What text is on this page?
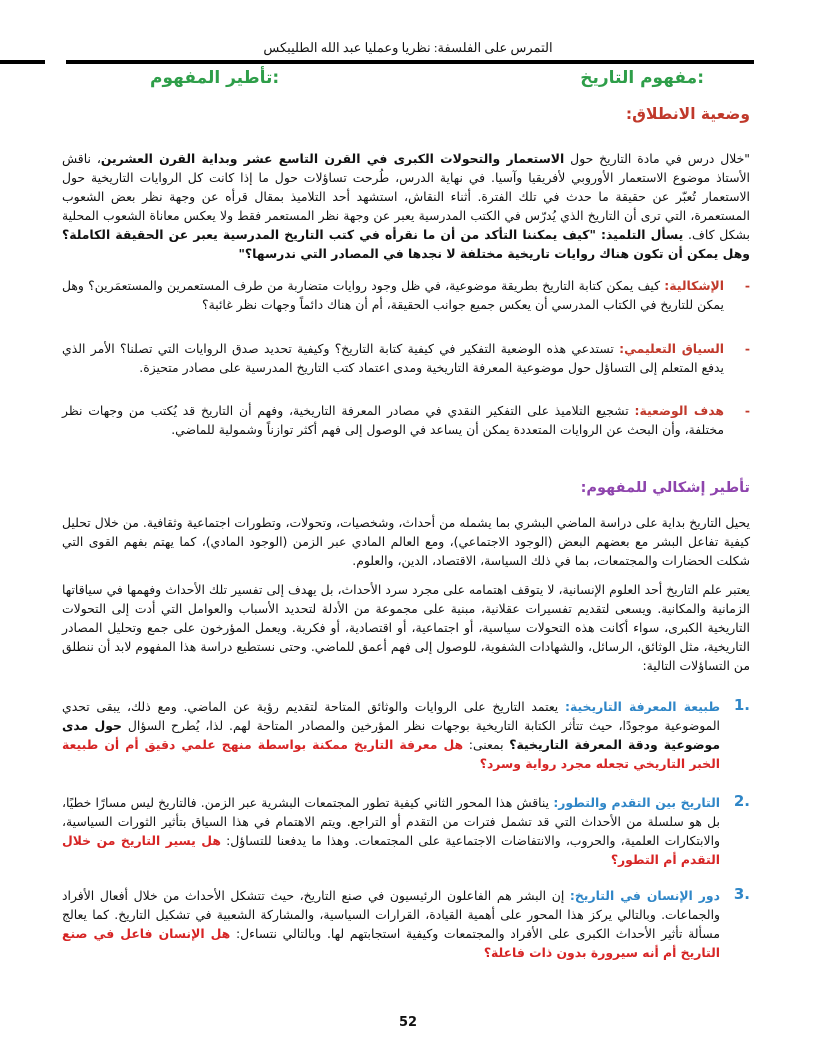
التمرس على الفلسفة: نظريا وعمليا عبد الله الطليبكس
مفهوم التاريخ:
تأطير المفهوم:
وضعية الانطلاق:
"خلال درس في مادة التاريخ حول الاستعمار والتحولات الكبرى في القرن التاسع عشر وبداية القرن العشرين، ناقش الأستاذ موضوع الاستعمار الأوروبي لأفريقيا وآسيا. في نهاية الدرس، طُرحت تساؤلات حول ما إذا كانت كل الروايات التاريخية حول الاستعمار تُعبّر عن حقيقة ما حدث في تلك الفترة. أثناء النقاش، استشهد أحد التلاميذ بمقال قرأه عن وجهة نظر بعض الشعوب المستعمرة، التي ترى أن التاريخ الذي يُدرّس في الكتب المدرسية يعبر عن وجهة نظر المستعمر فقط ولا يعكس معاناة الشعوب المحلية بشكل كاف. يسأل التلميذ: "كيف يمكننا التأكد من أن ما نقرأه في كتب التاريخ المدرسية يعبر عن الحقيقة الكاملة؟ وهل يمكن أن تكون هناك روايات تاريخية مختلفة لا نجدها في المصادر التي ندرسها؟"
-
الإشكالية: كيف يمكن كتابة التاريخ بطريقة موضوعية، في ظل وجود روايات متضاربة من طرف المستعمرين والمستعمَرين؟ وهل يمكن للتاريخ في الكتاب المدرسي أن يعكس جميع جوانب الحقيقة، أم أن هناك دائماً وجهات نظر غائبة؟
-
السياق التعليمي: تستدعي هذه الوضعية التفكير في كيفية كتابة التاريخ؟ وكيفية تحديد صدق الروايات التي تصلنا؟ الأمر الذي يدفع المتعلم إلى التساؤل حول موضوعية المعرفة التاريخية ومدى اعتماد كتب التاريخ المدرسية على مصادر متحيزة.
-
هدف الوضعية: تشجيع التلاميذ على التفكير النقدي في مصادر المعرفة التاريخية، وفهم أن التاريخ قد يُكتب من وجهات نظر مختلفة، وأن البحث عن الروايات المتعددة يمكن أن يساعد في الوصول إلى فهم أكثر توازناً وشمولية للماضي.
تأطير إشكالي للمفهوم:
يحيل التاريخ بداية على دراسة الماضي البشري بما يشمله من أحداث، وشخصيات، وتحولات، وتطورات اجتماعية وثقافية. من خلال تحليل كيفية تفاعل البشر مع بعضهم البعض (الوجود الاجتماعي)، ومع العالم المادي عبر الزمن (الوجود المادي)، كما يهتم بفهم القوى التي شكلت الحضارات والمجتمعات، بما في ذلك السياسة، الاقتصاد، الدين، والعلوم.
يعتبر علم التاريخ أحد العلوم الإنسانية، لا يتوقف اهتمامه على مجرد سرد الأحداث، بل يهدف إلى تفسير تلك الأحداث وفهمها في سياقاتها الزمانية والمكانية. ويسعى لتقديم تفسيرات عقلانية، مبنية على مجموعة من الأدلة لتحديد الأسباب والعوامل التي أدت إلى التحولات التاريخية الكبرى، سواء أكانت هذه التحولات سياسية، أو اجتماعية، أو اقتصادية، أو فكرية. ويعمل المؤرخون على جمع وتحليل المصادر التاريخية، مثل الوثائق، الرسائل، والشهادات الشفوية، للوصول إلى فهم أعمق للماضي. وحتى نستطيع دراسة هذا المفهوم لابد أن ننطلق من التساؤلات التالية:
1.
طبيعة المعرفة التاريخية: يعتمد التاريخ على الروايات والوثائق المتاحة لتقديم رؤية عن الماضي. ومع ذلك، يبقى تحدي الموضوعية موجودًا، حيث تتأثر الكتابة التاريخية بوجهات نظر المؤرخين والمصادر المتاحة لهم. لذا، يُطرح السؤال حول مدى موضوعية ودقة المعرفة التاريخية؟ بمعنى: هل معرفة التاريخ ممكنة بواسطة منهج علمي دقيق أم أن طبيعة الخبر التاريخي تجعله مجرد رواية وسرد؟
2.
التاريخ بين التقدم والتطور: يناقش هذا المحور الثاني كيفية تطور المجتمعات البشرية عبر الزمن. فالتاريخ ليس مسارًا خطيًا، بل هو سلسلة من الأحداث التي قد تشمل فترات من التقدم أو التراجع. ويتم الاهتمام في هذا السياق بتأثير الثورات السياسية، والابتكارات العلمية، والحروب، والانتفاضات الاجتماعية على المجتمعات. وهذا ما يدفعنا للتساؤل: هل يسير التاريخ من خلال التقدم أم التطور؟
3.
دور الإنسان في التاريخ: إن البشر هم الفاعلون الرئيسيون في صنع التاريخ، حيث تتشكل الأحداث من خلال أفعال الأفراد والجماعات. وبالتالي يركز هذا المحور على أهمية القيادة، القرارات السياسية، والمشاركة الشعبية في تشكيل التاريخ. كما يعالج مسألة تأثير الأحداث الكبرى على الأفراد والمجتمعات وكيفية استجابتهم لها. وبالتالي نتساءل: هل الإنسان فاعل في صنع التاريخ أم أنه سيرورة بدون ذات فاعلة؟
52
